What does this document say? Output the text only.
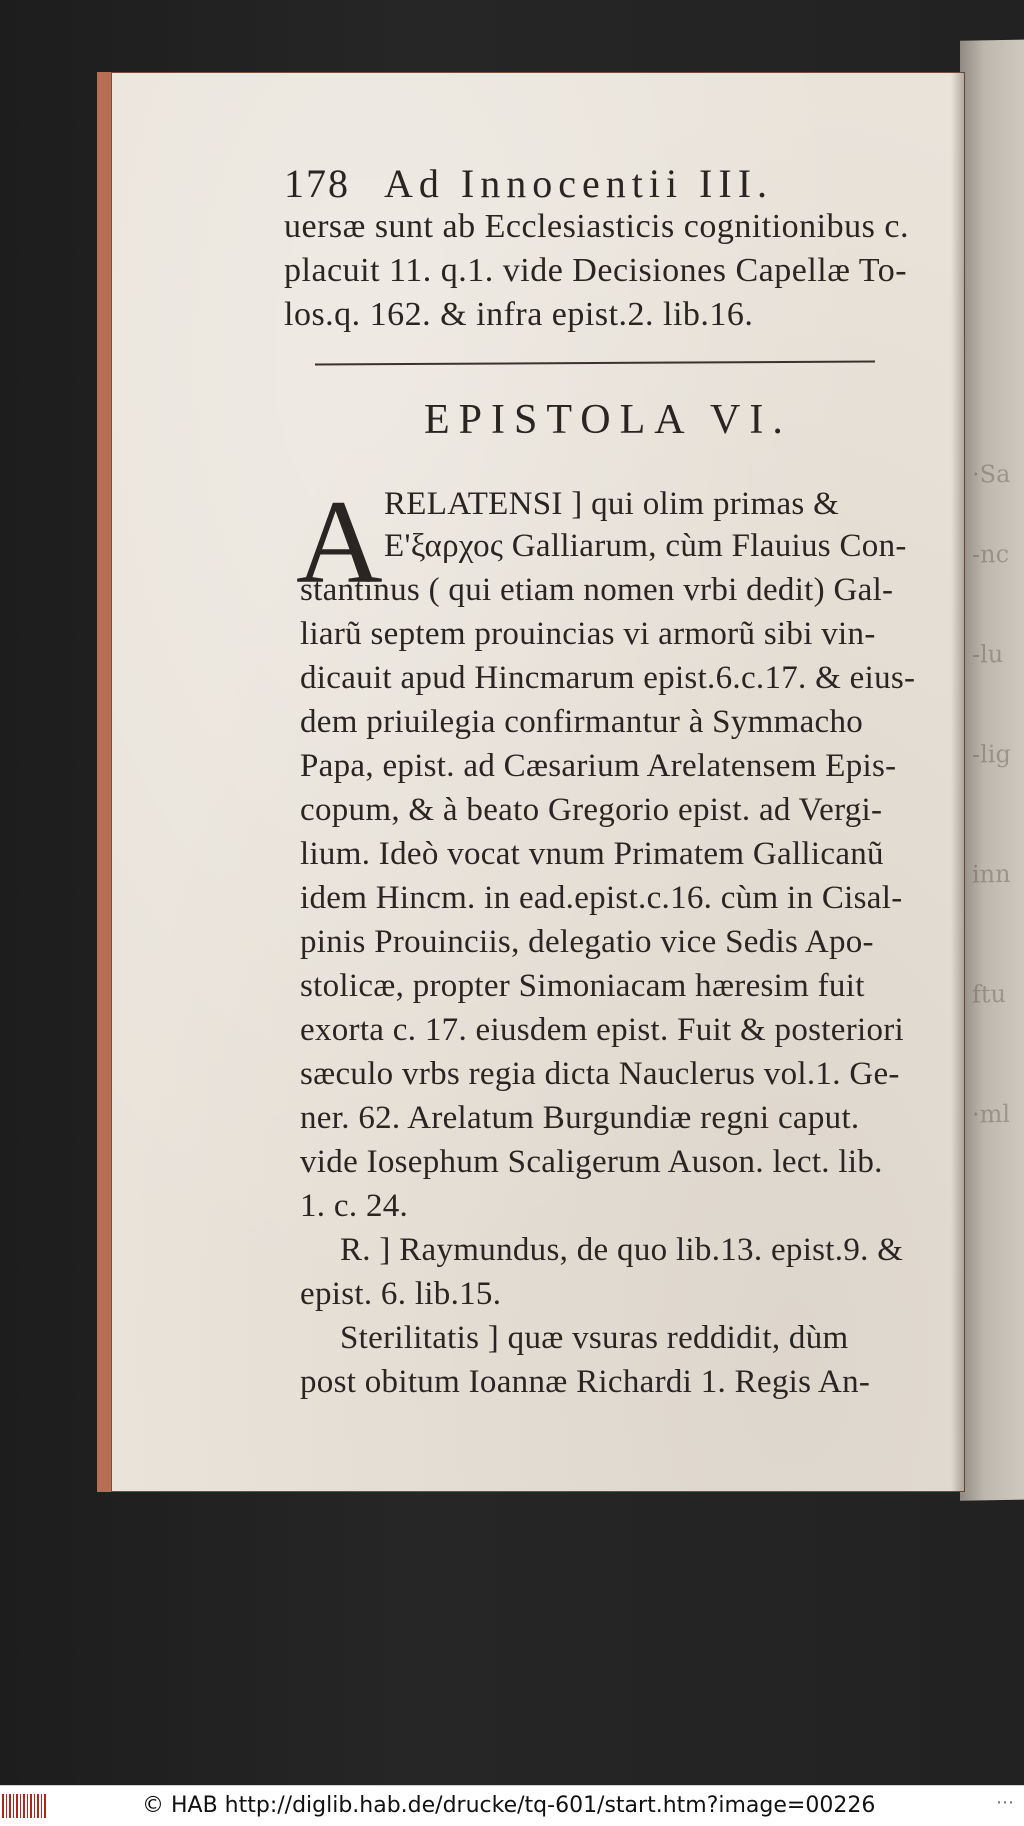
·Sa
-nc
-lu
-lig
inn
ftu
·ml
178 Ad Innocentii III.
uersæ sunt ab Ecclesiasticis cognitionibus c.
placuit 11. q.1. vide Decisiones Capellæ To-
los.q. 162. & infra epist.2. lib.16.
EPISTOLA VI.
A RELATENSI ] qui olim primas &
Ε'ξαρχος Galliarum, cùm Flauius Con-
stantinus ( qui etiam nomen vrbi dedit) Gal-
liarũ septem prouincias vi armorũ sibi vin-
dicauit apud Hincmarum epist.6.c.17. & eius-
dem priuilegia confirmantur à Symmacho
Papa, epist. ad Cæsarium Arelatensem Epis-
copum, & à beato Gregorio epist. ad Vergi-
lium. Ideò vocat vnum Primatem Gallicanũ
idem Hincm. in ead.epist.c.16. cùm in Cisal-
pinis Prouinciis, delegatio vice Sedis Apo-
stolicæ, propter Simoniacam hæresim fuit
exorta c. 17. eiusdem epist. Fuit & posteriori
sæculo vrbs regia dicta Nauclerus vol.1. Ge-
ner. 62. Arelatum Burgundiæ regni caput.
vide Iosephum Scaligerum Auson. lect. lib.
1. c. 24.
R. ] Raymundus, de quo lib.13. epist.9. &
epist. 6. lib.15.
Sterilitatis ] quæ vsuras reddidit, dùm
post obitum Ioannæ Richardi 1. Regis An-
© HAB http://diglib.hab.de/drucke/tq-601/start.htm?image=00226	⋯
